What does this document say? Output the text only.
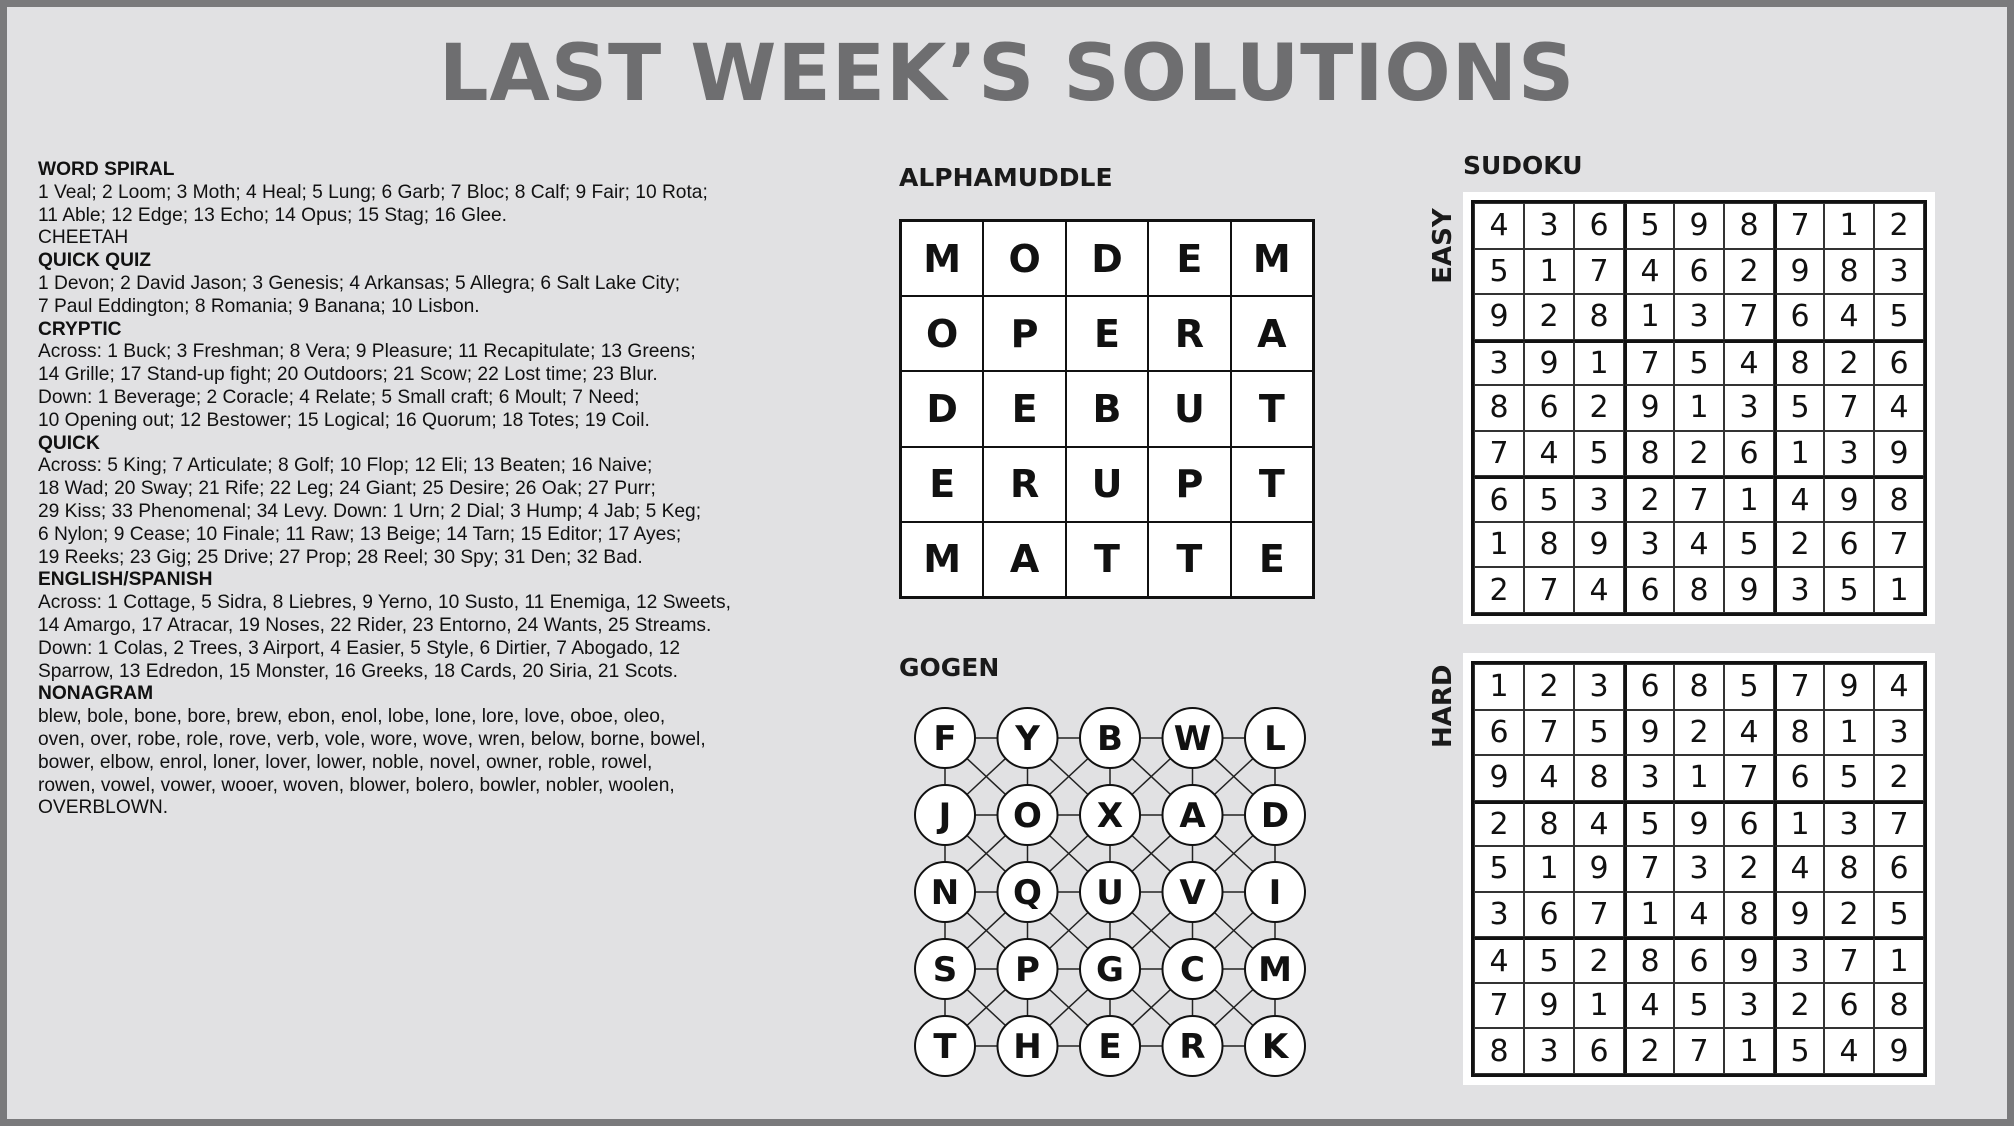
LAST WEEK’S SOLUTIONS
WORD SPIRAL
1 Veal; 2 Loom; 3 Moth; 4 Heal; 5 Lung; 6 Garb; 7 Bloc; 8 Calf; 9 Fair; 10 Rota;
11 Able; 12 Edge; 13 Echo; 14 Opus; 15 Stag; 16 Glee.
CHEETAH
QUICK QUIZ
1 Devon; 2 David Jason; 3 Genesis; 4 Arkansas; 5 Allegra; 6 Salt Lake City;
7 Paul Eddington; 8 Romania; 9 Banana; 10 Lisbon.
CRYPTIC
Across: 1 Buck; 3 Freshman; 8 Vera; 9 Pleasure; 11 Recapitulate; 13 Greens;
14 Grille; 17 Stand-up fight; 20 Outdoors; 21 Scow; 22 Lost time; 23 Blur.
Down: 1 Beverage; 2 Coracle; 4 Relate; 5 Small craft; 6 Moult; 7 Need;
10 Opening out; 12 Bestower; 15 Logical; 16 Quorum; 18 Totes; 19 Coil.
QUICK
Across: 5 King; 7 Articulate; 8 Golf; 10 Flop; 12 Eli; 13 Beaten; 16 Naive;
18 Wad; 20 Sway; 21 Rife; 22 Leg; 24 Giant; 25 Desire; 26 Oak; 27 Purr;
29 Kiss; 33 Phenomenal; 34 Levy. Down: 1 Urn; 2 Dial; 3 Hump; 4 Jab; 5 Keg;
6 Nylon; 9 Cease; 10 Finale; 11 Raw; 13 Beige; 14 Tarn; 15 Editor; 17 Ayes;
19 Reeks; 23 Gig; 25 Drive; 27 Prop; 28 Reel; 30 Spy; 31 Den; 32 Bad.
ENGLISH/SPANISH
Across: 1 Cottage, 5 Sidra, 8 Liebres, 9 Yerno, 10 Susto, 11 Enemiga, 12 Sweets,
14 Amargo, 17 Atracar, 19 Noses, 22 Rider, 23 Entorno, 24 Wants, 25 Streams.
Down: 1 Colas, 2 Trees, 3 Airport, 4 Easier, 5 Style, 6 Dirtier, 7 Abogado, 12
Sparrow, 13 Edredon, 15 Monster, 16 Greeks, 18 Cards, 20 Siria, 21 Scots.
NONAGRAM
blew, bole, bone, bore, brew, ebon, enol, lobe, lone, lore, love, oboe, oleo,
oven, over, robe, role, rove, verb, vole, wore, wove, wren, below, borne, bowel,
bower, elbow, enrol, loner, lover, lower, noble, novel, owner, roble, rowel,
rowen, vowel, vower, wooer, woven, blower, bolero, bowler, nobler, woolen,
OVERBLOWN.
ALPHAMUDDLE
M	O	D	E	M
O	P	E	R	A
D	E	B	U	T
E	R	U	P	T
M	A	T	T	E
GOGEN
F Y B W L
J O X A D
N Q U V I
S P G C M
T H E R K
SUDOKU
EASY	4	3	6	5 9	8	7 1	2
5	1	7	4 6	2	9 8	3
9	2	8	1 3	7	6 4	5
3	9	1	7 5	4	8 2	6
8	6	2	9 1	3	5 7	4
7	4	5	8 2	6	1 3	9
6	5	3	2 7	1	4 9	8
1	8	9	3 4	5	2 6	7
2	7	4	6 8	9	3 5	1
HARD	1	2	3	6 8	5	7 9	4
6	7	5	9 2	4	8 1	3
9	4	8	3 1	7	6 5	2
2	8	4	5 9	6	1 3	7
5	1	9	7 3	2	4 8	6
3	6	7	1 4	8	9 2	5
4	5	2	8 6	9	3 7	1
7	9	1	4 5	3	2 6	8
8	3	6	2 7	1	5 4	9
